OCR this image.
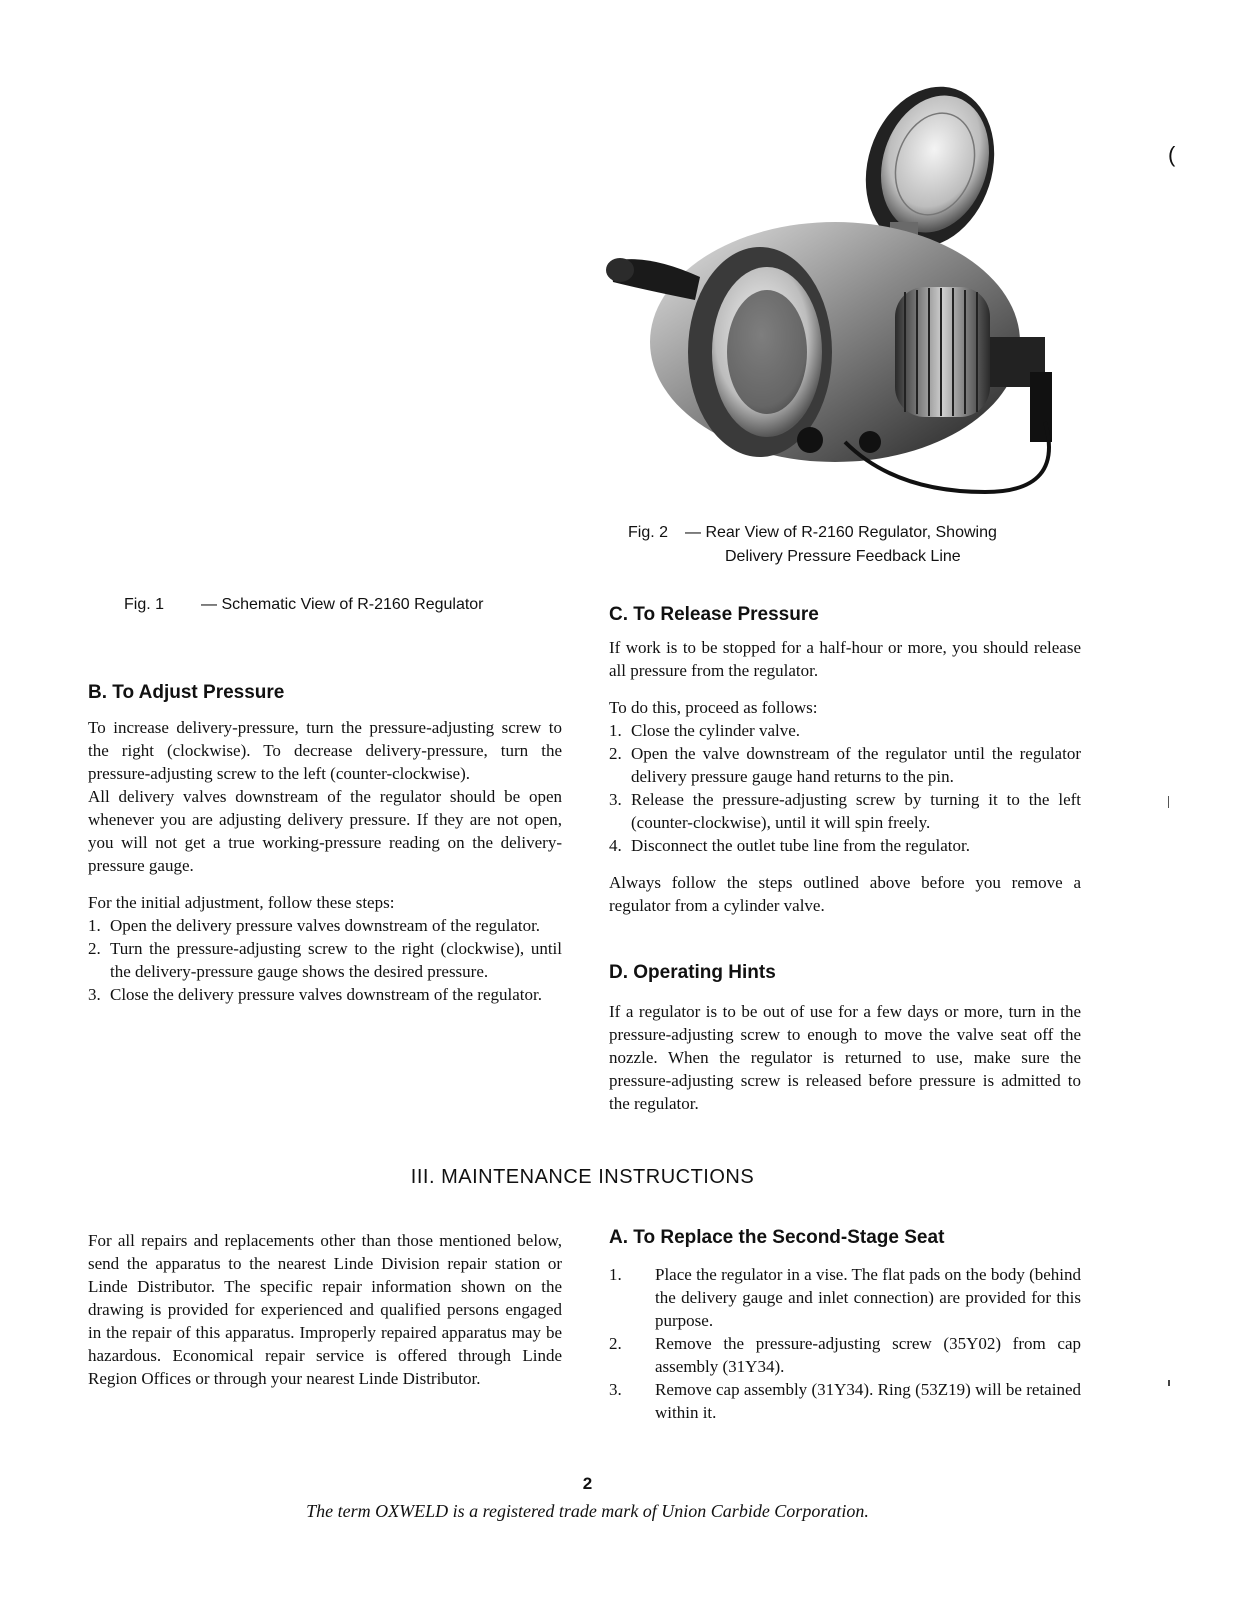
Fig. 2	— Rear View of R-2160 Regulator, Showing
Delivery Pressure Feedback Line
(
Fig. 1	— Schematic View of R-2160 Regulator
B. To Adjust Pressure

To increase delivery-pressure, turn the pressure-adjusting screw to the right (clockwise). To decrease delivery-pressure, turn the pressure-adjusting screw to the left (counter-clockwise).

All delivery valves downstream of the regulator should be open whenever you are adjusting delivery pressure. If they are not open, you will not get a true working-pressure reading on the delivery-pressure gauge.

For the initial adjustment, follow these steps:

1. Open the delivery pressure valves downstream of the regulator.
2. Turn the pressure-adjusting screw to the right (clockwise), until the delivery-pressure gauge shows the desired pressure.
3. Close the delivery pressure valves downstream of the regulator.
C. To Release Pressure

If work is to be stopped for a half-hour or more, you should release all pressure from the regulator.

To do this, proceed as follows:

1. Close the cylinder valve.
2. Open the valve downstream of the regulator until the regulator delivery pressure gauge hand returns to the pin.
3. Release the pressure-adjusting screw by turning it to the left (counter-clockwise), until it will spin freely.
4. Disconnect the outlet tube line from the regulator.

Always follow the steps outlined above before you remove a regulator from a cylinder valve.

D. Operating Hints

If a regulator is to be out of use for a few days or more, turn in the pressure-adjusting screw to enough to move the valve seat off the nozzle. When the regulator is returned to use, make sure the pressure-adjusting screw is released before pressure is admitted to the regulator.

III. MAINTENANCE INSTRUCTIONS

For all repairs and replacements other than those mentioned below, send the apparatus to the nearest Linde Division repair station or Linde Distributor. The specific repair information shown on the drawing is provided for experienced and qualified persons engaged in the repair of this apparatus. Improperly repaired apparatus may be hazardous. Economical repair service is offered through Linde Region Offices or through your nearest Linde Distributor.

A. To Replace the Second-Stage Seat
1.	Place the regulator in a vise. The flat pads on the body (behind the delivery gauge and inlet connection) are provided for this purpose.
2.	Remove the pressure-adjusting screw (35Y02) from cap assembly (31Y34).
3.	Remove cap assembly (31Y34). Ring (53Z19) will be retained within it.
2
The term OXWELD is a registered trade mark of Union Carbide Corporation.
